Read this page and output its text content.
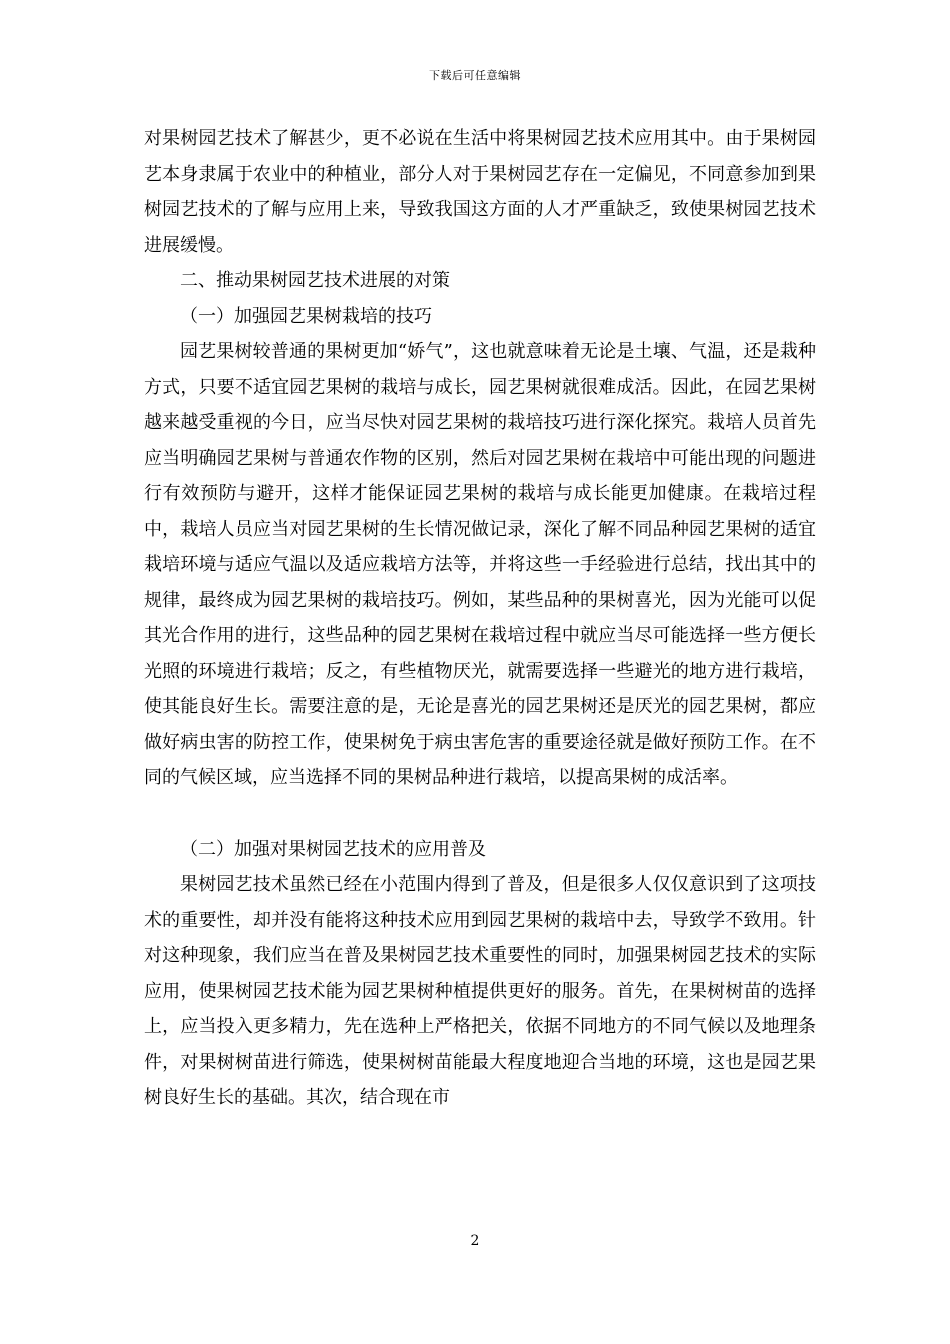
下载后可任意编辑

对果树园艺技术了解甚少，更不必说在生活中将果树园艺技术应用其中。由于果树园艺本身隶属于农业中的种植业，部分人对于果树园艺存在一定偏见，不同意参加到果树园艺技术的了解与应用上来，导致我国这方面的人才严重缺乏，致使果树园艺技术进展缓慢。

二、推动果树园艺技术进展的对策

（一）加强园艺果树栽培的技巧

园艺果树较普通的果树更加“娇气”，这也就意味着无论是土壤、气温，还是栽种方式，只要不适宜园艺果树的栽培与成长，园艺果树就很难成活。因此，在园艺果树越来越受重视的今日，应当尽快对园艺果树的栽培技巧进行深化探究。栽培人员首先应当明确园艺果树与普通农作物的区别，然后对园艺果树在栽培中可能出现的问题进行有效预防与避开，这样才能保证园艺果树的栽培与成长能更加健康。在栽培过程中，栽培人员应当对园艺果树的生长情况做记录，深化了解不同品种园艺果树的适宜栽培环境与适应气温以及适应栽培方法等，并将这些一手经验进行总结，找出其中的规律，最终成为园艺果树的栽培技巧。例如，某些品种的果树喜光，因为光能可以促其光合作用的进行，这些品种的园艺果树在栽培过程中就应当尽可能选择一些方便长光照的环境进行栽培；反之，有些植物厌光，就需要选择一些避光的地方进行栽培，使其能良好生长。需要注意的是，无论是喜光的园艺果树还是厌光的园艺果树，都应做好病虫害的防控工作，使果树免于病虫害危害的重要途径就是做好预防工作。在不同的气候区域，应当选择不同的果树品种进行栽培，以提高果树的成活率。

（二）加强对果树园艺技术的应用普及

果树园艺技术虽然已经在小范围内得到了普及，但是很多人仅仅意识到了这项技术的重要性，却并没有能将这种技术应用到园艺果树的栽培中去，导致学不致用。针对这种现象，我们应当在普及果树园艺技术重要性的同时，加强果树园艺技术的实际应用，使果树园艺技术能为园艺果树种植提供更好的服务。首先，在果树树苗的选择上，应当投入更多精力，先在选种上严格把关，依据不同地方的不同气候以及地理条件，对果树树苗进行筛选，使果树树苗能最大程度地迎合当地的环境，这也是园艺果树良好生长的基础。其次，结合现在市

2
